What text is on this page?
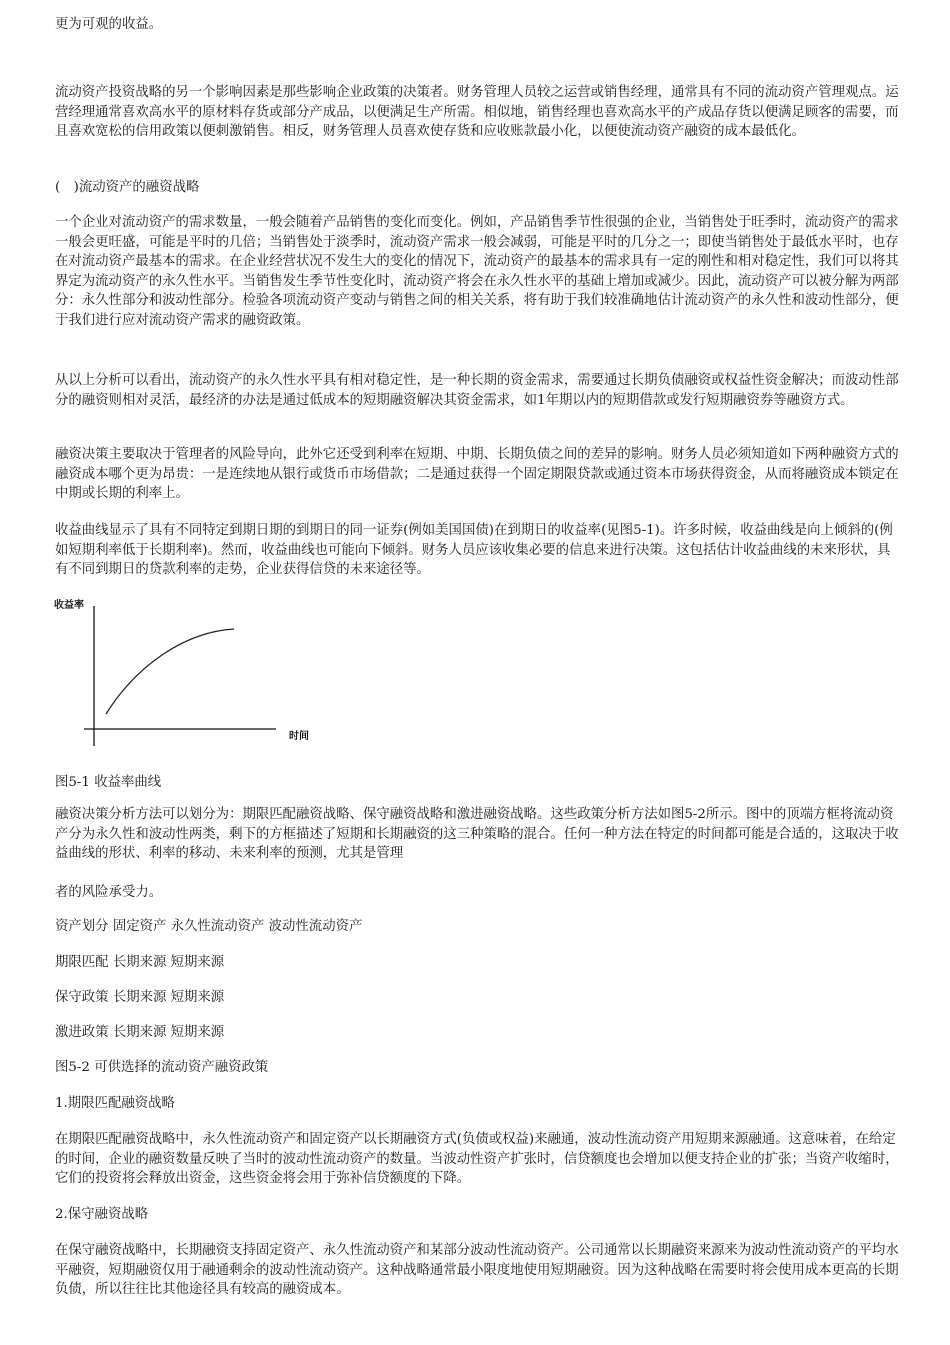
更为可观的收益。

流动资产投资战略的另一个影响因素是那些影响企业政策的决策者。财务管理人员较之运营或销售经理，通常具有不同的流动资产管理观点。运营经理通常喜欢高水平的原材料存货或部分产成品，以便满足生产所需。相似地，销售经理也喜欢高水平的产成品存货以便满足顾客的需要，而且喜欢宽松的信用政策以便刺激销售。相反，财务管理人员喜欢使存货和应收账款最小化，以便使流动资产融资的成本最低化。

(　)流动资产的融资战略

一个企业对流动资产的需求数量，一般会随着产品销售的变化而变化。例如，产品销售季节性很强的企业，当销售处于旺季时，流动资产的需求一般会更旺盛，可能是平时的几倍；当销售处于淡季时，流动资产需求一般会减弱，可能是平时的几分之一；即使当销售处于最低水平时，也存在对流动资产最基本的需求。在企业经营状况不发生大的变化的情况下，流动资产的最基本的需求具有一定的刚性和相对稳定性，我们可以将其界定为流动资产的永久性水平。当销售发生季节性变化时，流动资产将会在永久性水平的基础上增加或减少。因此，流动资产可以被分解为两部分：永久性部分和波动性部分。检验各项流动资产变动与销售之间的相关关系，将有助于我们较准确地估计流动资产的永久性和波动性部分，便于我们进行应对流动资产需求的融资政策。

从以上分析可以看出，流动资产的永久性水平具有相对稳定性，是一种长期的资金需求，需要通过长期负债融资或权益性资金解决；而波动性部分的融资则相对灵活，最经济的办法是通过低成本的短期融资解决其资金需求，如1年期以内的短期借款或发行短期融资券等融资方式。

融资决策主要取决于管理者的风险导向，此外它还受到利率在短期、中期、长期负债之间的差异的影响。财务人员必须知道如下两种融资方式的融资成本哪个更为昂贵：一是连续地从银行或货币市场借款；二是通过获得一个固定期限贷款或通过资本市场获得资金，从而将融资成本锁定在中期或长期的利率上。

收益曲线显示了具有不同特定到期日期的到期日的同一证券(例如美国国债)在到期日的收益率(见图5-1)。许多时候，收益曲线是向上倾斜的(例如短期利率低于长期利率)。然而，收益曲线也可能向下倾斜。财务人员应该收集必要的信息来进行决策。这包括估计收益曲线的未来形状，具有不同到期日的贷款利率的走势，企业获得信贷的未来途径等。

图5-1 收益率曲线

融资决策分析方法可以划分为：期限匹配融资战略、保守融资战略和激进融资战略。这些政策分析方法如图5-2所示。图中的顶端方框将流动资产分为永久性和波动性两类，剩下的方框描述了短期和长期融资的这三种策略的混合。任何一种方法在特定的时间都可能是合适的，这取决于收益曲线的形状、利率的移动、未来利率的预测，尤其是管理

者的风险承受力。

资产划分 固定资产 永久性流动资产 波动性流动资产

期限匹配 长期来源 短期来源

保守政策 长期来源 短期来源

激进政策 长期来源 短期来源

图5-2 可供选择的流动资产融资政策

1.期限匹配融资战略

在期限匹配融资战略中，永久性流动资产和固定资产以长期融资方式(负债或权益)来融通，波动性流动资产用短期来源融通。这意味着，在给定的时间，企业的融资数量反映了当时的波动性流动资产的数量。当波动性资产扩张时，信贷额度也会增加以便支持企业的扩张；当资产收缩时，它们的投资将会释放出资金，这些资金将会用于弥补信贷额度的下降。

2.保守融资战略

在保守融资战略中，长期融资支持固定资产、永久性流动资产和某部分波动性流动资产。公司通常以长期融资来源来为波动性流动资产的平均水平融资，短期融资仅用于融通剩余的波动性流动资产。这种战略通常最小限度地使用短期融资。因为这种战略在需要时将会使用成本更高的长期负债，所以往往比其他途径具有较高的融资成本。

收益率
时间
